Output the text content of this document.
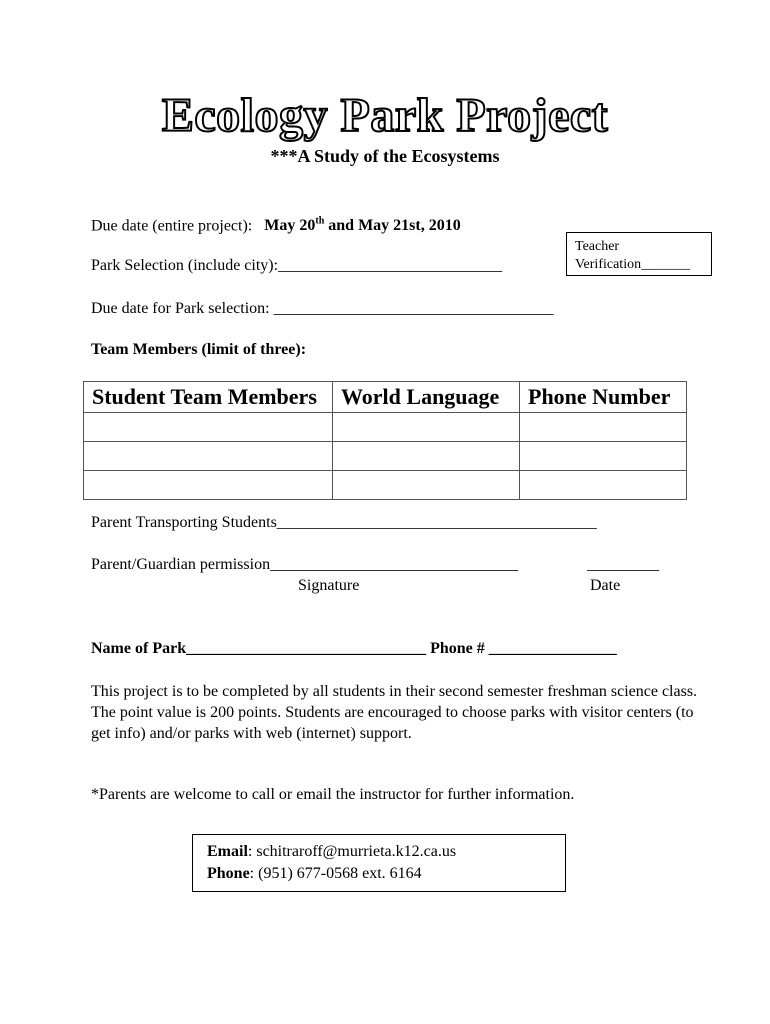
Ecology Park Project
***A Study of the Ecosystems
Due date (entire project): May 20th and May 21st, 2010
Park Selection (include city):____________________________
Teacher
Verification_______
Due date for Park selection: ___________________________________
Team Members (limit of three):
Student Team Members	World Language	Phone Number

Parent Transporting Students________________________________________
Parent/Guardian permission_______________________________	_________
Signature	Date
Name of Park______________________________ Phone # ________________
This project is to be completed by all students in their second semester freshman science class. The point value is 200 points. Students are encouraged to choose parks with visitor centers (to get info) and/or parks with web (internet) support.
*Parents are welcome to call or email the instructor for further information.
Email: schitraroff@murrieta.k12.ca.us
Phone: (951) 677-0568 ext. 6164
